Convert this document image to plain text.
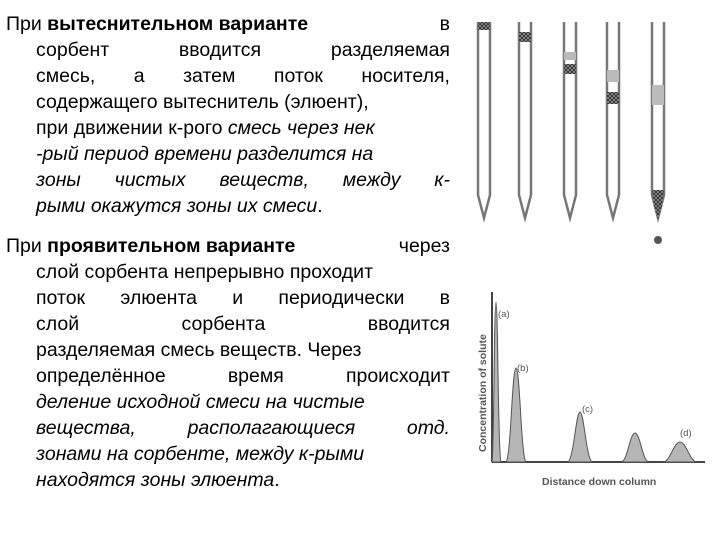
При вытеснительном варианте	в
сорбент	вводится	разделяемая
смесь, а затем поток носителя,
содержащего вытеснитель (элюент),
при движении к-рого смесь через нек
-рый период времени разделится на
зоны чистых веществ, между к-
рыми окажутся зоны их смеси.
При проявительном варианте	через
слой сорбента непрерывно проходит
поток элюента и периодически в
слой	сорбента	вводится
разделяемая смесь веществ. Через
определённое	время	происходит
деление исходной смеси на чистые
вещества,	располагающиеся	отд.
зонами на сорбенте, между к-рыми
находятся зоны элюента.
Concentration of solute
Distance down column
(a)
(b)
(c)
(d)
